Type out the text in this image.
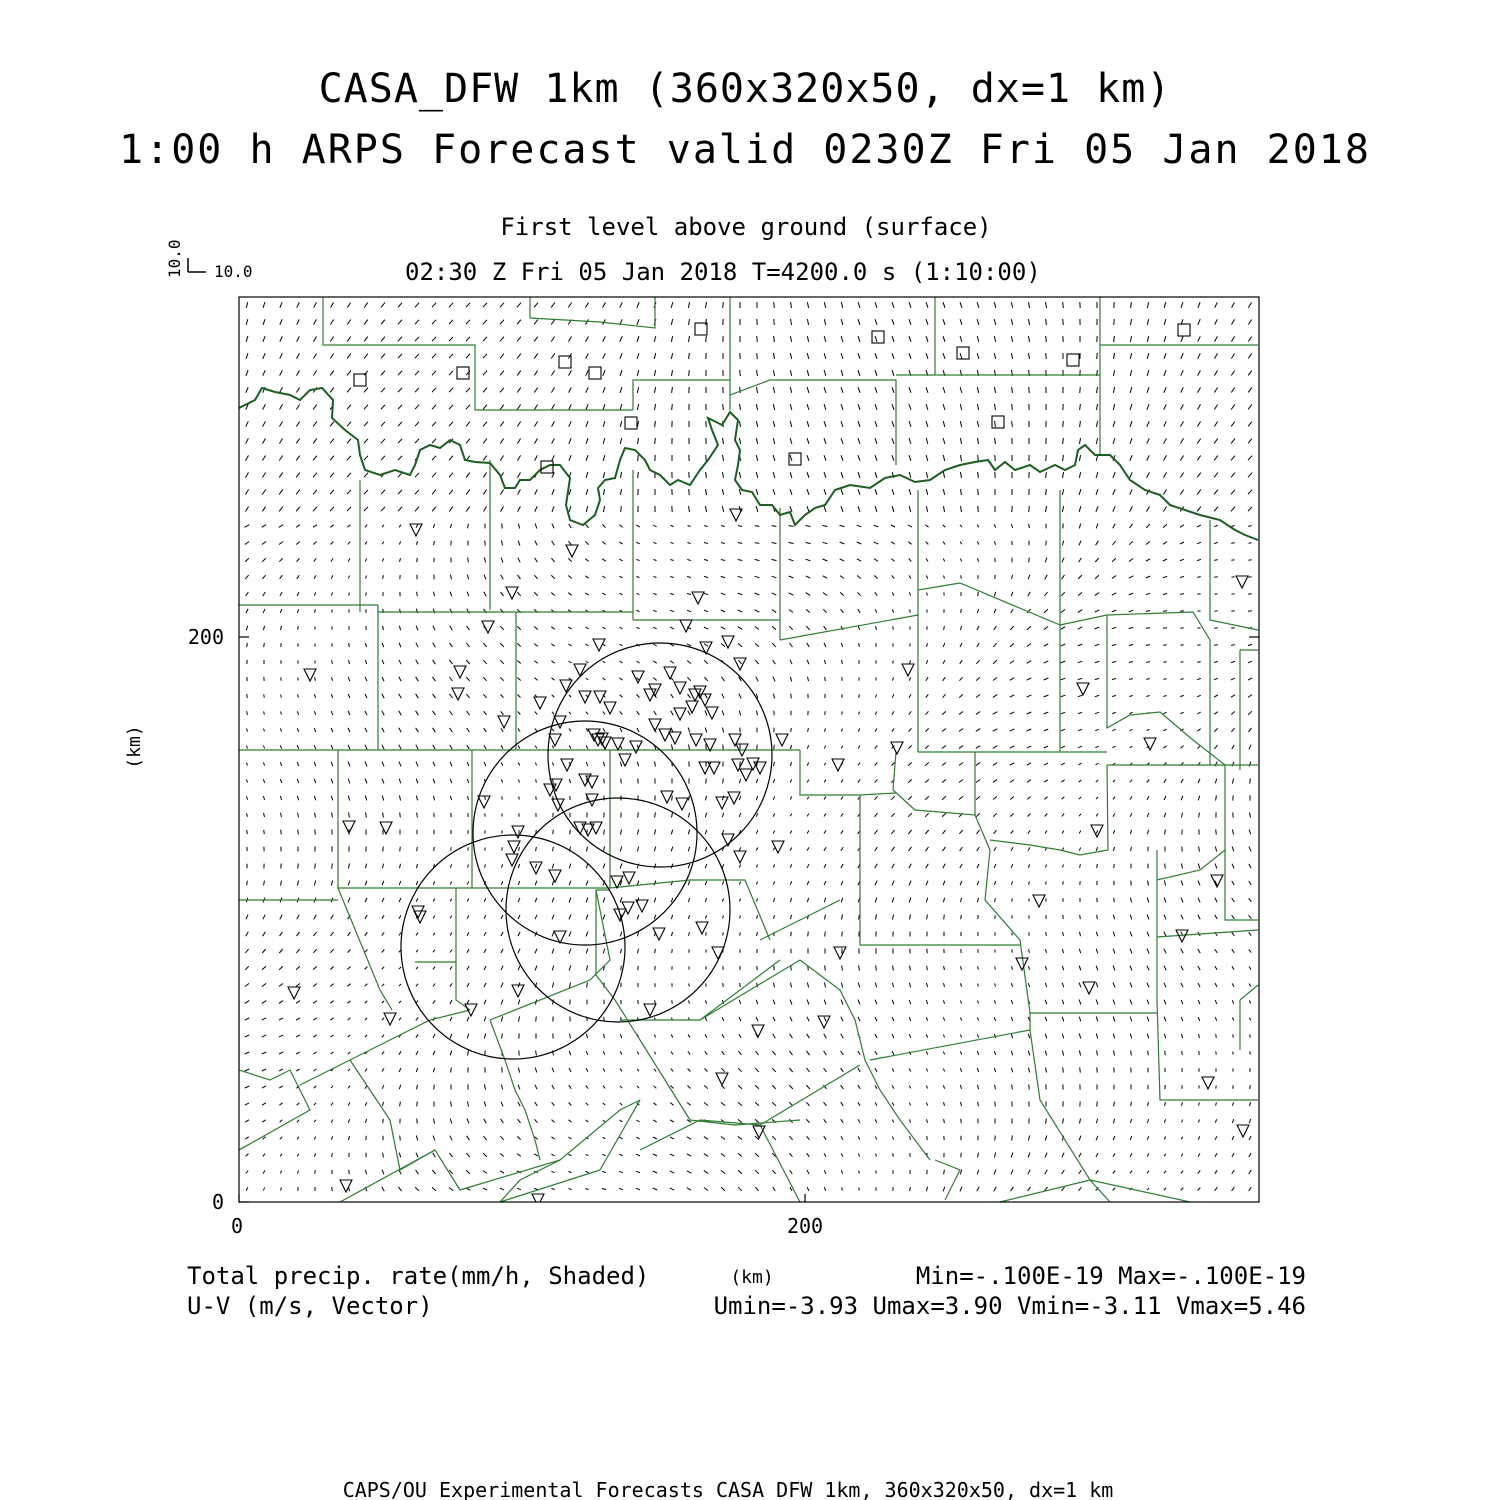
CASA_DFW 1km (360x320x50, dx=1 km)
1:00 h ARPS Forecast valid 0230Z Fri 05 Jan 2018
First level above ground (surface)
02:30 Z Fri 05 Jan 2018 T=4200.0 s (1:10:00)
10.0 10.0
0	200
0
200
(km)
(km)
Total precip. rate(mm/h, Shaded)	Min=-.100E-19 Max=-.100E-19
U-V (m/s, Vector)	Umin=-3.93 Umax=3.90 Vmin=-3.11 Vmax=5.46
CAPS/OU Experimental Forecasts CASA DFW 1km, 360x320x50, dx=1 km
